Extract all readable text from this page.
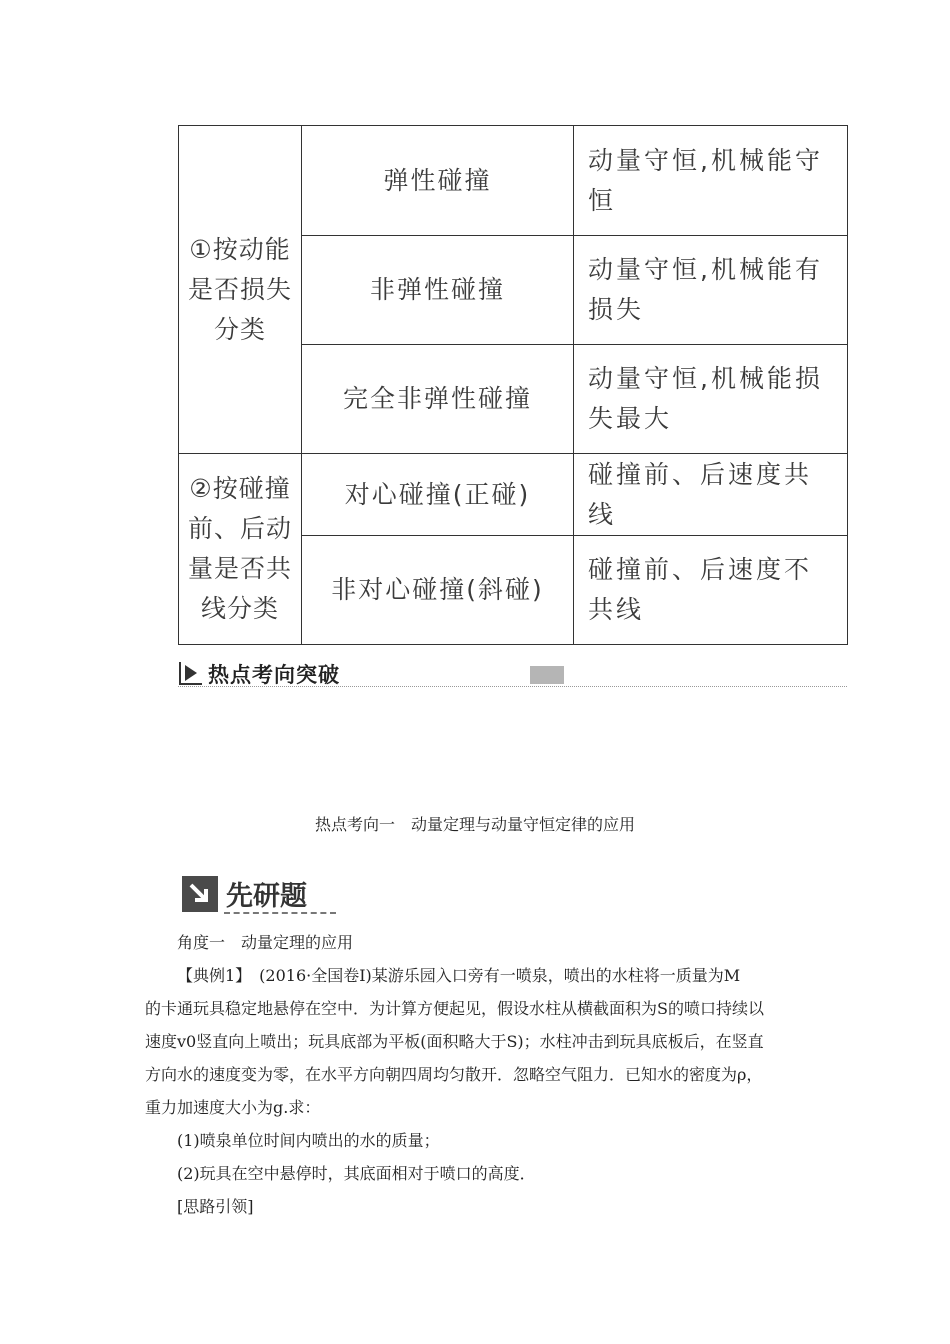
①按动能是否损失分类	弹性碰撞	动量守恒,机械能守恒
	非弹性碰撞	动量守恒,机械能有损失
	完全非弹性碰撞	动量守恒,机械能损失最大
②按碰撞前、后动量是否共线分类	对心碰撞(正碰)	碰撞前、后速度共线
	非对心碰撞(斜碰)	碰撞前、后速度不共线
热点考向突破
热点考向一　动量定理与动量守恒定律的应用
先研题
角度一　动量定理的应用
【典例1】　(2016·全国卷Ⅰ)某游乐园入口旁有一喷泉，喷出的水柱将一质量为M
的卡通玩具稳定地悬停在空中．为计算方便起见，假设水柱从横截面积为S的喷口持续以
速度v0竖直向上喷出；玩具底部为平板(面积略大于S)；水柱冲击到玩具底板后，在竖直
方向水的速度变为零，在水平方向朝四周均匀散开．忽略空气阻力．已知水的密度为ρ，
重力加速度大小为g.求：
(1)喷泉单位时间内喷出的水的质量；
(2)玩具在空中悬停时，其底面相对于喷口的高度．
[思路引领]
